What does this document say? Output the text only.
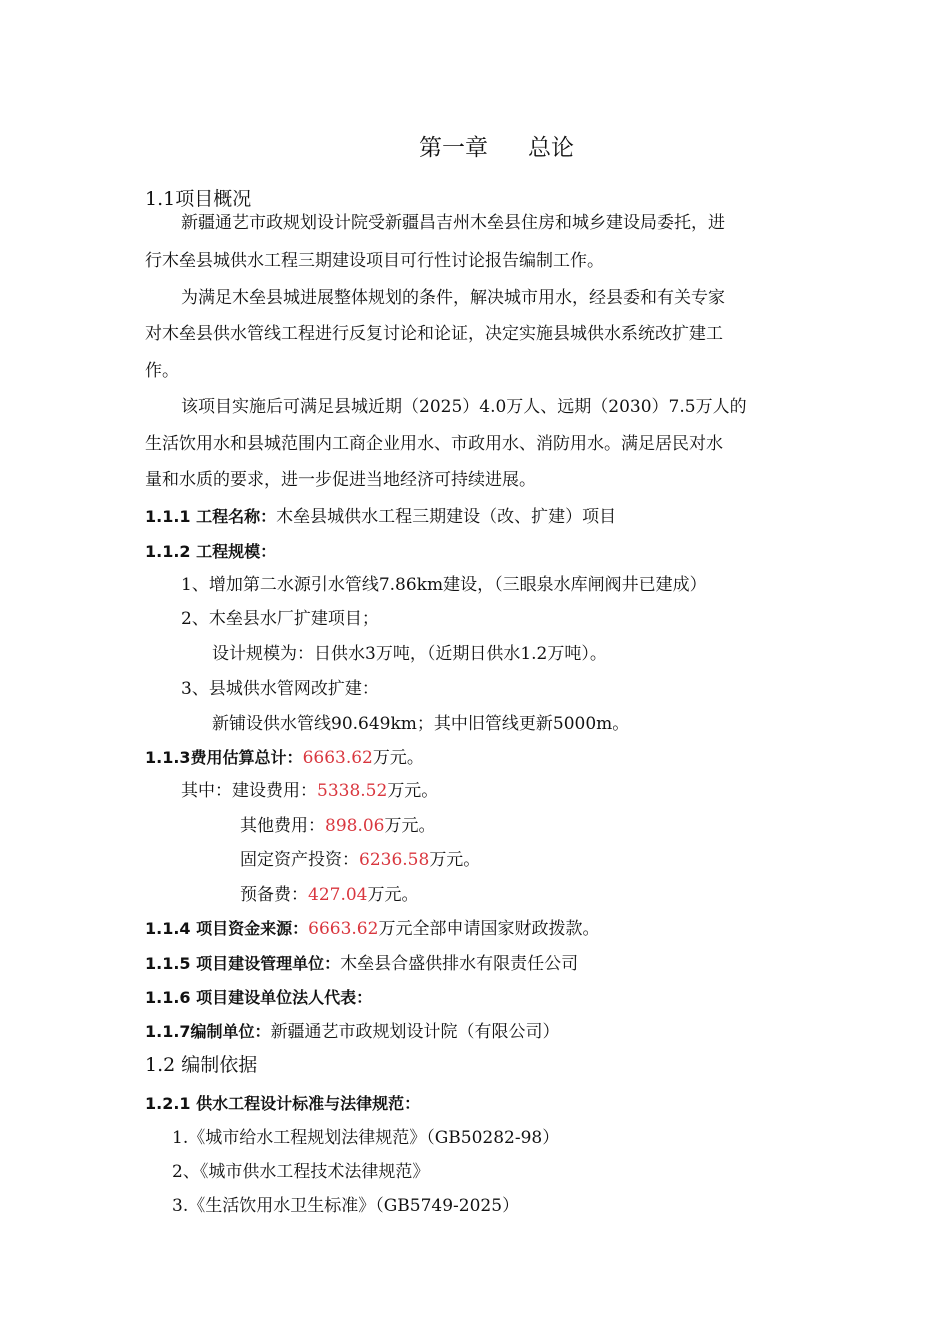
第一章 总论
1.1项目概况
新疆通艺市政规划设计院受新疆昌吉州木垒县住房和城乡建设局委托，进
行木垒县城供水工程三期建设项目可行性讨论报告编制工作。
为满足木垒县城进展整体规划的条件，解决城市用水，经县委和有关专家
对木垒县供水管线工程进行反复讨论和论证，决定实施县城供水系统改扩建工
作。
该项目实施后可满足县城近期（2025）4.0万人、远期（2030）7.5万人的
生活饮用水和县城范围内工商企业用水、市政用水、消防用水。满足居民对水
量和水质的要求，进一步促进当地经济可持续进展。
1.1.1 工程名称：木垒县城供水工程三期建设（改、扩建）项目
1.1.2 工程规模：
1、增加第二水源引水管线7.86km建设，（三眼泉水库闸阀井已建成）
2、木垒县水厂扩建项目；
设计规模为：日供水3万吨，（近期日供水1.2万吨）。
3、县城供水管网改扩建：
新铺设供水管线90.649km；其中旧管线更新5000m。
1.1.3费用估算总计：6663.62万元。
其中：建设费用：5338.52万元。
其他费用：898.06万元。
固定资产投资：6236.58万元。
预备费：427.04万元。
1.1.4 项目资金来源：6663.62万元全部申请国家财政拨款。
1.1.5 项目建设管理单位：木垒县合盛供排水有限责任公司
1.1.6 项目建设单位法人代表：
1.1.7编制单位：新疆通艺市政规划设计院（有限公司）
1.2 编制依据
1.2.1 供水工程设计标准与法律规范：
1.《城市给水工程规划法律规范》（GB50282-98）
2、《城市供水工程技术法律规范》
3.《生活饮用水卫生标准》（GB5749-2025）
